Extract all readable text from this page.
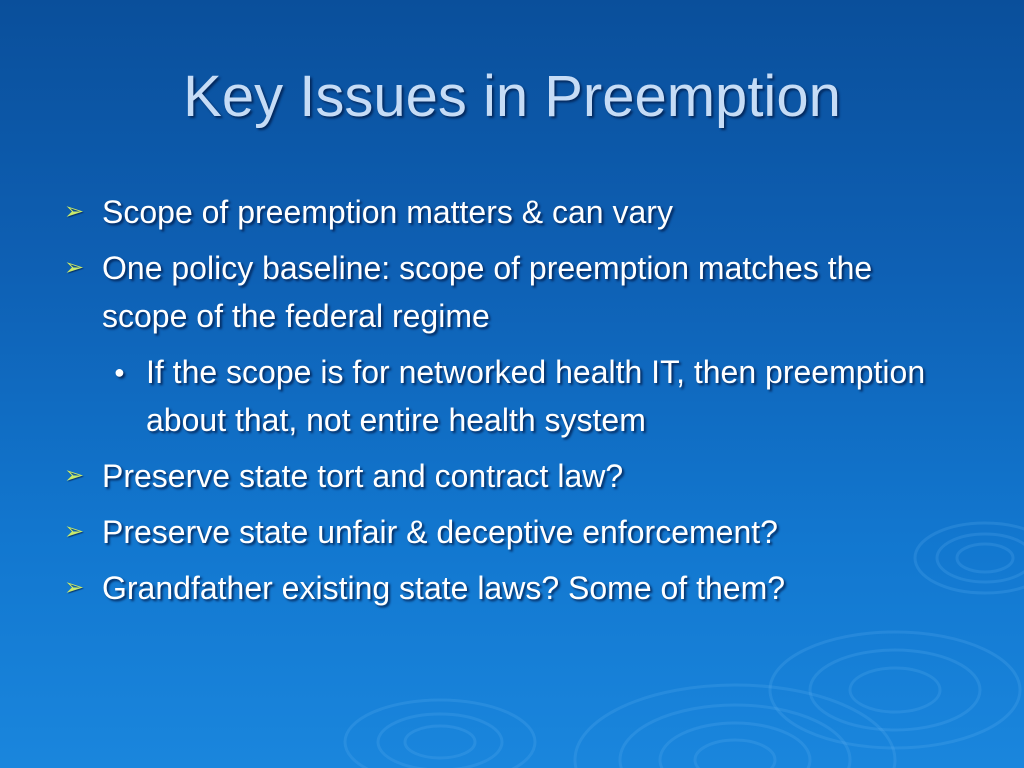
Key Issues in Preemption
➢ Scope of preemption matters & can vary
➢ One policy baseline: scope of preemption matches the scope of the federal regime
● If the scope is for networked health IT, then preemption about that, not entire health system
➢ Preserve state tort and contract law?
➢ Preserve state unfair & deceptive enforcement?
➢ Grandfather existing state laws? Some of them?
